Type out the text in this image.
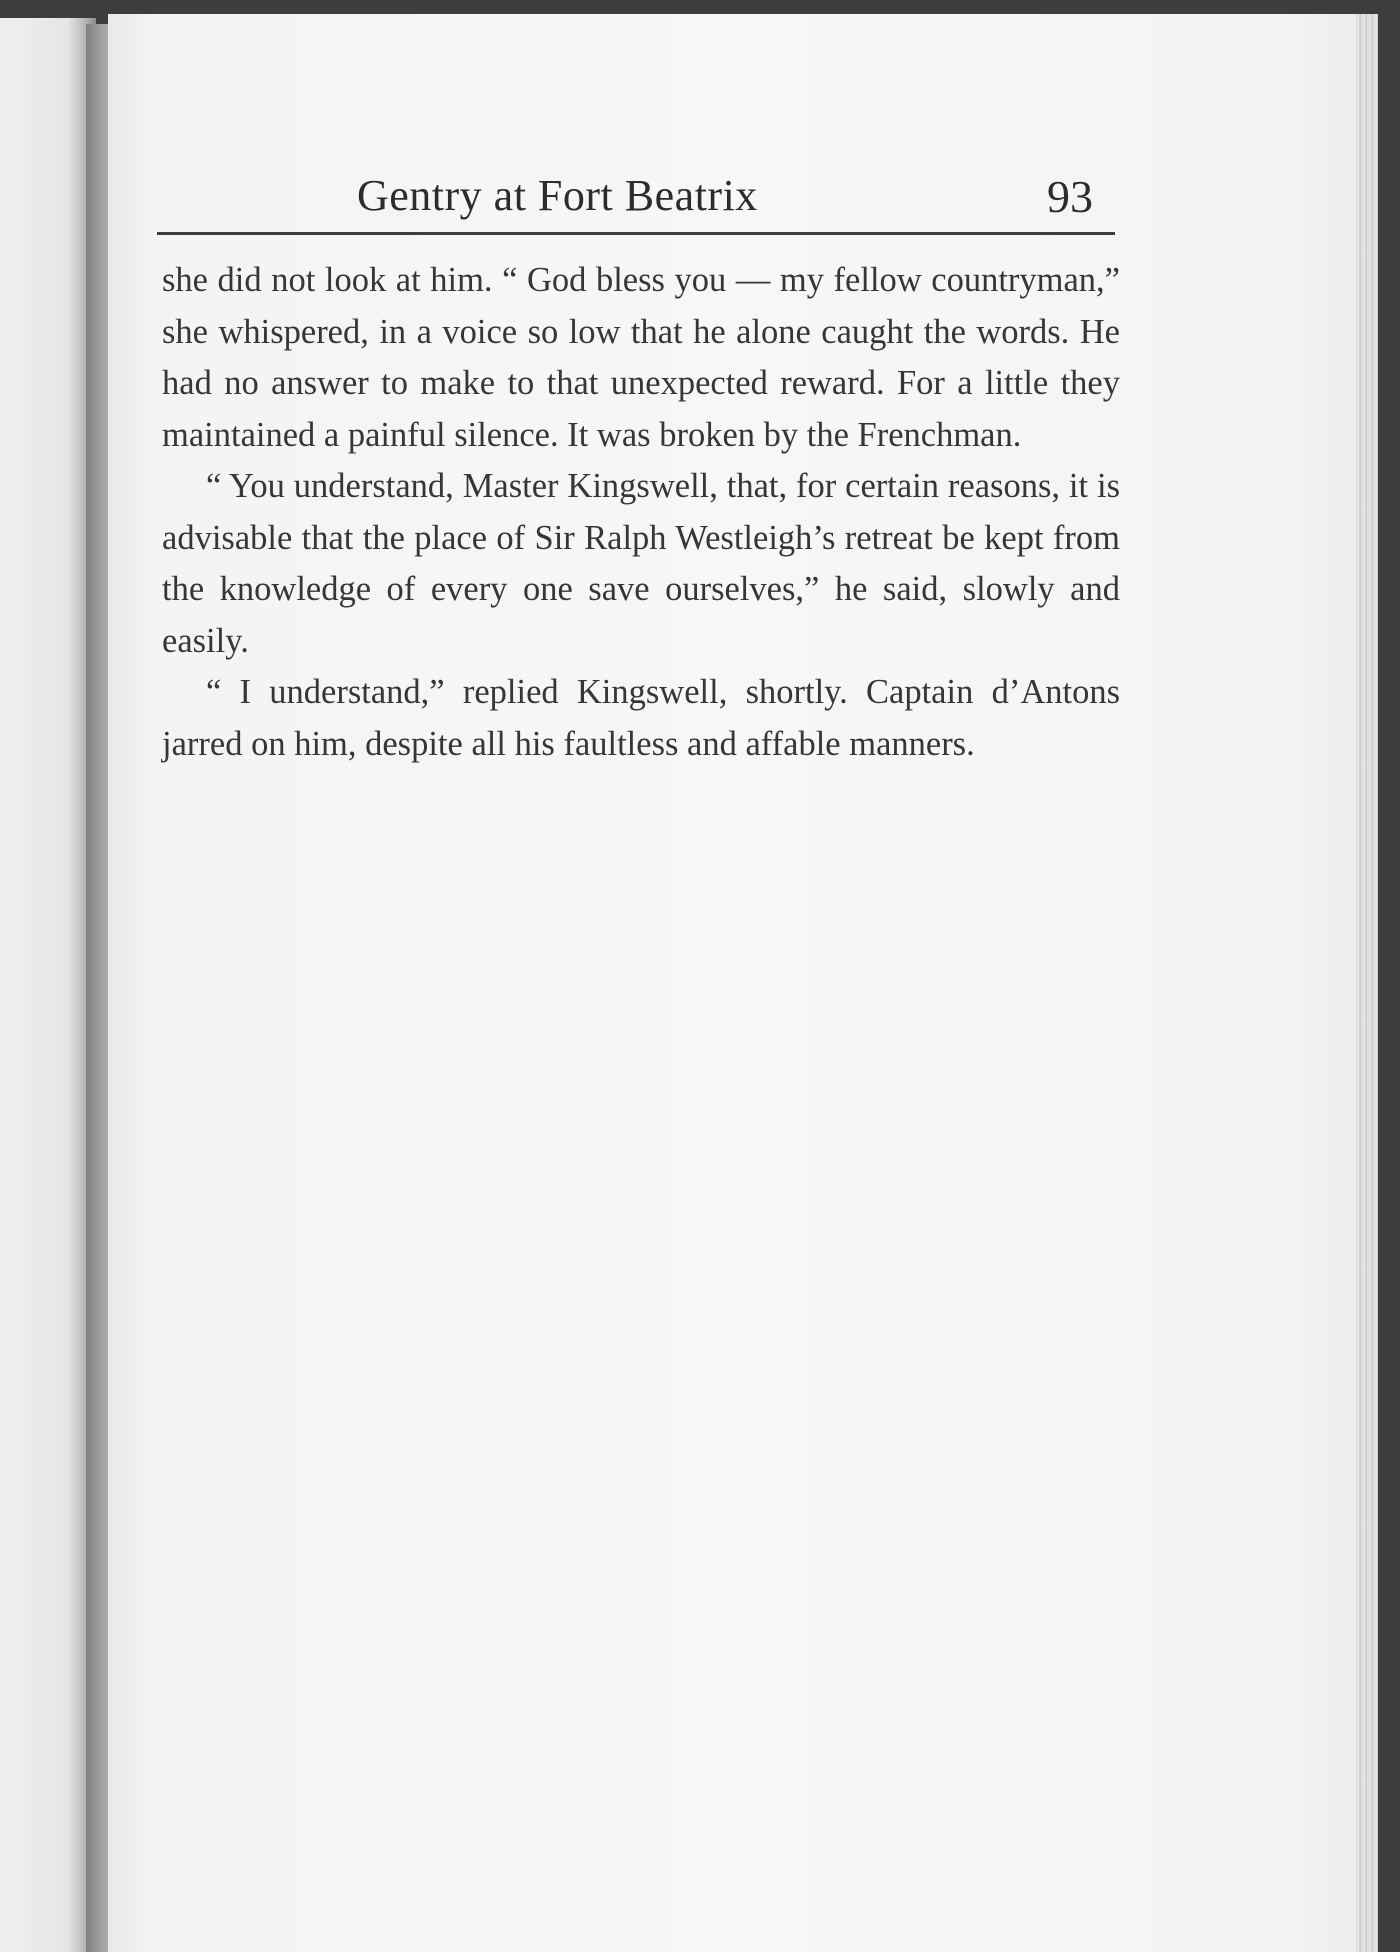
Gentry at Fort Beatrix	93

she did not look at him. “ God bless you — my fellow countryman,” she whispered, in a voice so low that he alone caught the words. He had no answer to make to that unexpected reward. For a little they maintained a painful silence. It was broken by the Frenchman.

“ You understand, Master Kingswell, that, for certain reasons, it is advisable that the place of Sir Ralph Westleigh’s retreat be kept from the knowledge of every one save ourselves,” he said, slowly and easily.

“ I understand,” replied Kingswell, shortly. Captain d’Antons jarred on him, despite all his faultless and affable manners.
